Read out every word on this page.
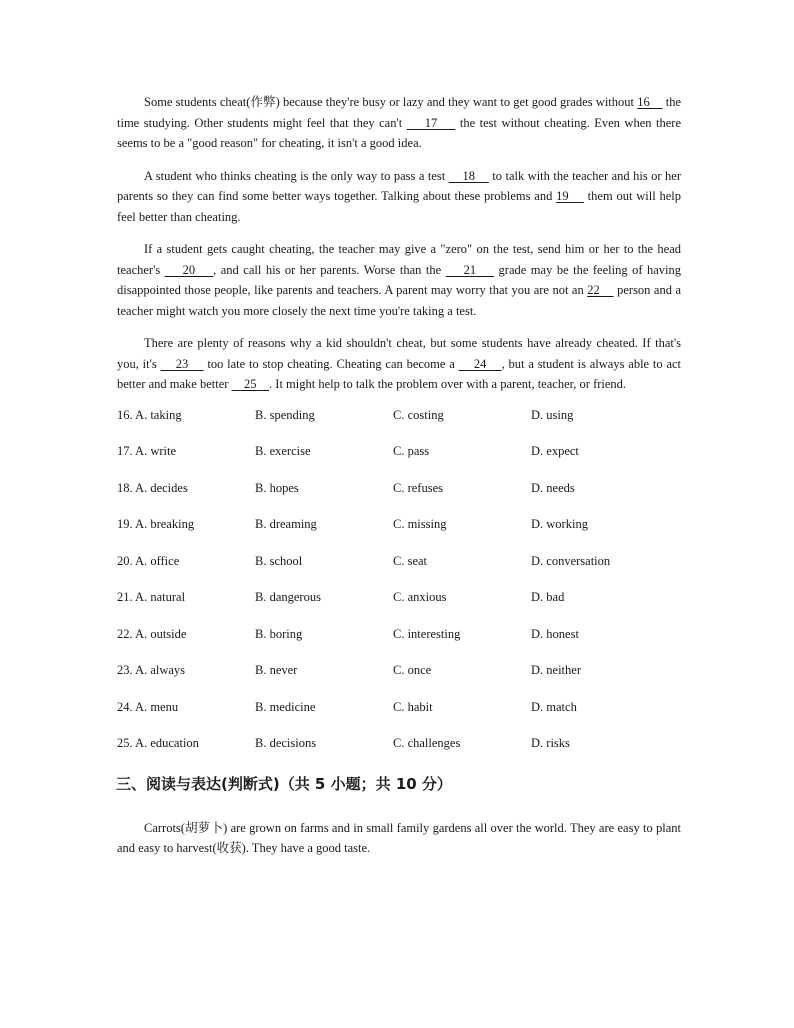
Some students cheat(作弊) because they're busy or lazy and they want to get good grades without 16     the time studying. Other students might feel that they can't     17     the test without cheating. Even when there seems to be a "good reason" for cheating, it isn't a good idea.

A student who thinks cheating is the only way to pass a test     18     to talk with the teacher and his or her parents so they can find some better ways together. Talking about these problems and 19     them out will help feel better than cheating.

If a student gets caught cheating, the teacher may give a "zero" on the test, send him or her to the head teacher's     20    , and call his or her parents. Worse than the     21     grade may be the feeling of having disappointed those people, like parents and teachers. A parent may worry that you are not an 22     person and a teacher might watch you more closely the next time you're taking a test.

There are plenty of reasons why a kid shouldn't cheat, but some students have already cheated. If that's you, it's     23     too late to stop cheating. Cheating can become a     24    , but a student is always able to act better and make better     25    . It might help to talk the problem over with a parent, teacher, or friend.

16. A. taking	B. spending	C. costing	D. using
17. A. write	B. exercise	C. pass	D. expect
18. A. decides	B. hopes	C. refuses	D. needs
19. A. breaking	B. dreaming	C. missing	D. working
20. A. office	B. school	C. seat	D. conversation
21. A. natural	B. dangerous	C. anxious	D. bad
22. A. outside	B. boring	C. interesting	D. honest
23. A. always	B. never	C. once	D. neither
24. A. menu	B. medicine	C. habit	D. match
25. A. education	B. decisions	C. challenges	D. risks
三、阅读与表达(判断式)（共 5 小题；共 10 分）

Carrots(胡萝卜) are grown on farms and in small family gardens all over the world. They are easy to plant and easy to harvest(收获). They have a good taste.
